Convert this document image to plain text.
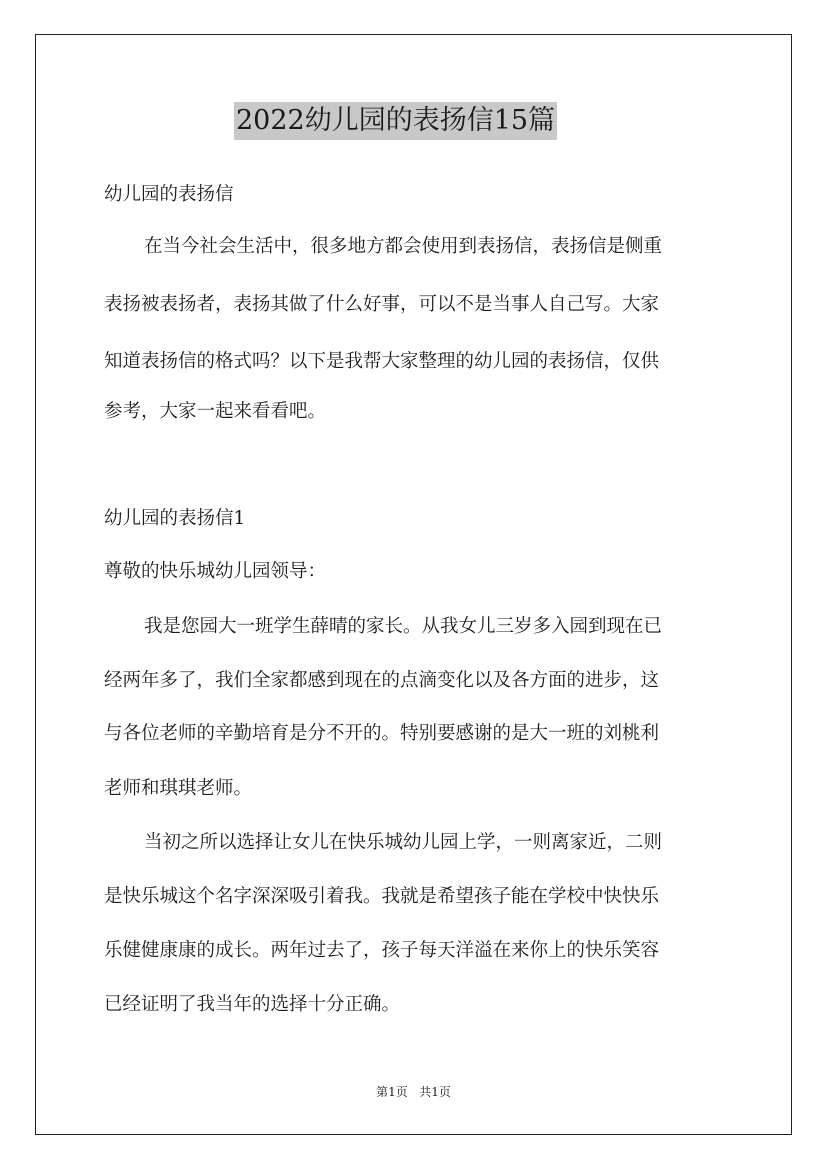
2022幼儿园的表扬信15篇
幼儿园的表扬信
在当今社会生活中，很多地方都会使用到表扬信，表扬信是侧重
表扬被表扬者，表扬其做了什么好事，可以不是当事人自己写。大家
知道表扬信的格式吗？以下是我帮大家整理的幼儿园的表扬信，仅供
参考，大家一起来看看吧。
幼儿园的表扬信1
尊敬的快乐城幼儿园领导：
我是您园大一班学生薛晴的家长。从我女儿三岁多入园到现在已
经两年多了，我们全家都感到现在的点滴变化以及各方面的进步，这
与各位老师的辛勤培育是分不开的。特别要感谢的是大一班的刘桃利
老师和琪琪老师。
当初之所以选择让女儿在快乐城幼儿园上学，一则离家近，二则
是快乐城这个名字深深吸引着我。我就是希望孩子能在学校中快快乐
乐健健康康的成长。两年过去了，孩子每天洋溢在来你上的快乐笑容
已经证明了我当年的选择十分正确。
第1页 共1页
